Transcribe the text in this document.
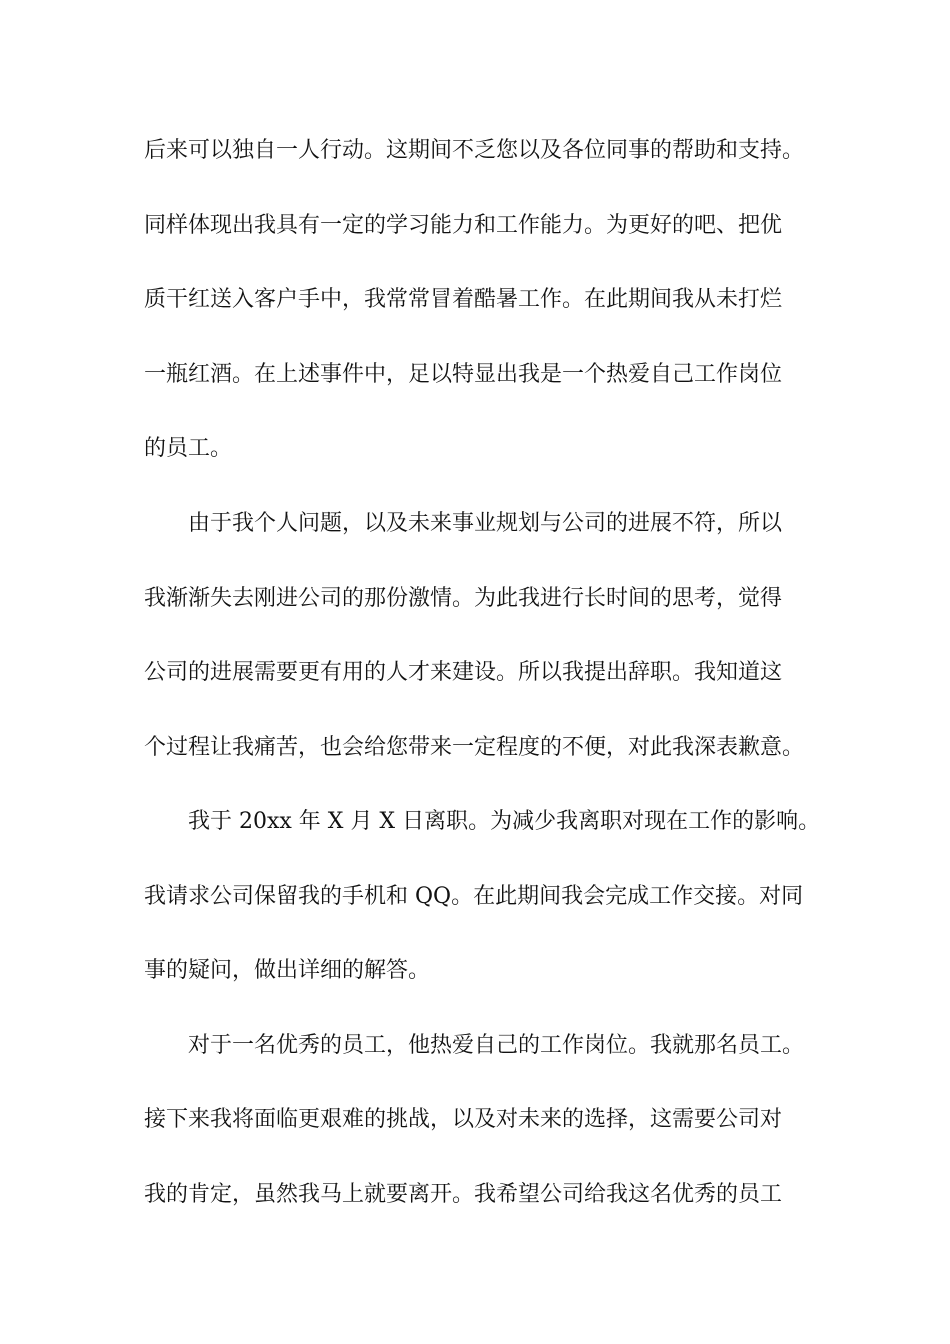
后来可以独自一人行动。这期间不乏您以及各位同事的帮助和支持。
同样体现出我具有一定的学习能力和工作能力。为更好的吧、把优
质干红送入客户手中，我常常冒着酷暑工作。在此期间我从未打烂
一瓶红酒。在上述事件中，足以特显出我是一个热爱自己工作岗位
的员工。
由于我个人问题，以及未来事业规划与公司的进展不符，所以
我渐渐失去刚进公司的那份激情。为此我进行长时间的思考，觉得
公司的进展需要更有用的人才来建设。所以我提出辞职。我知道这
个过程让我痛苦，也会给您带来一定程度的不便，对此我深表歉意。
我于 20xx 年 X 月 X 日离职。为减少我离职对现在工作的影响。
我请求公司保留我的手机和 QQ。在此期间我会完成工作交接。对同
事的疑问，做出详细的解答。
对于一名优秀的员工，他热爱自己的工作岗位。我就那名员工。
接下来我将面临更艰难的挑战，以及对未来的选择，这需要公司对
我的肯定，虽然我马上就要离开。我希望公司给我这名优秀的员工
